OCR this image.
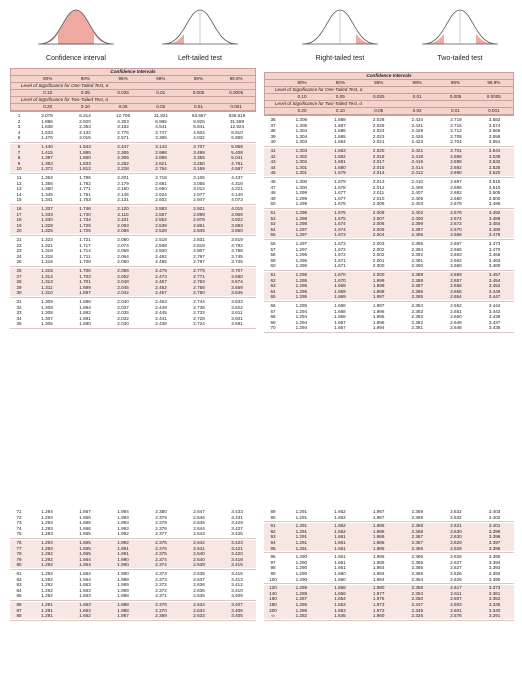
Confidence interval	Left-tailed test	Right-tailed test	Two-tailed test
Confidence Intervals
80%	90%	95%	98%	99%	99.9%
Level of Significance for One-Tailed Test, α
0.10	0.05	0.025	0.01	0.005	0.0005
Level of Significance for Two-Tailed Test, α
0.20	0.10	0.05	0.02	0.01	0.001
1	3.078	6.314	12.706	31.821	63.657	636.619
2	1.886	2.920	4.303	6.965	9.925	31.599
3	1.638	2.353	3.182	4.541	5.841	12.924
4	1.533	2.132	2.776	3.747	4.604	8.610
5	1.476	2.015	2.571	3.365	4.032	6.869
6	1.440	1.943	2.447	3.143	3.707	5.959
7	1.415	1.895	2.365	2.998	3.499	5.408
8	1.397	1.860	2.306	2.896	3.355	5.041
9	1.383	1.833	2.262	2.821	3.250	4.781
10	1.372	1.812	2.228	2.764	3.169	4.587
11	1.363	1.796	2.201	2.718	3.106	4.437
12	1.356	1.782	2.179	2.681	3.055	4.318
13	1.350	1.771	2.160	2.650	3.012	4.221
14	1.345	1.761	2.145	2.624	2.977	4.140
15	1.341	1.753	2.131	2.602	2.947	4.073
16	1.337	1.746	2.120	2.583	2.921	4.015
17	1.333	1.740	2.110	2.567	2.898	3.965
18	1.330	1.734	2.101	2.552	2.878	3.922
19	1.328	1.729	2.093	2.539	2.861	3.883
20	1.325	1.725	2.086	2.528	2.845	3.850
21	1.323	1.721	2.080	2.518	2.831	3.819
22	1.321	1.717	2.074	2.508	2.819	3.792
23	1.319	1.714	2.069	2.500	2.807	3.768
24	1.318	1.711	2.064	2.492	2.797	3.745
25	1.316	1.708	2.060	2.485	2.787	3.725
26	1.315	1.706	2.056	2.479	2.779	3.707
27	1.314	1.703	2.052	2.473	2.771	3.690
28	1.313	1.701	2.048	2.467	2.763	3.674
29	1.311	1.699	2.045	2.462	2.756	3.659
30	1.310	1.697	2.042	2.457	2.750	3.646
31	1.309	1.696	2.040	2.453	2.744	3.633
32	1.309	1.694	2.037	2.449	2.738	3.622
33	1.308	1.692	2.035	2.445	2.733	3.611
34	1.307	1.691	2.032	2.441	2.728	3.601
35	1.306	1.690	2.030	2.438	2.724	3.591
Confidence Intervals
80%	90%	95%	98%	99%	99.9%
Level of Significance for One-Tailed Test, α
0.10	0.05	0.025	0.01	0.005	0.0005
Level of Significance for Two-Tailed Test, α
0.20	0.10	0.05	0.02	0.01	0.001
36	1.306	1.688	2.028	2.434	2.719	3.582
37	1.305	1.687	2.026	2.431	2.715	3.574
38	1.304	1.686	2.024	2.429	2.712	3.566
39	1.304	1.685	2.023	2.426	2.708	3.558
40	1.303	1.684	2.021	2.423	2.704	3.551
41	1.303	1.683	2.020	2.421	2.701	3.544
42	1.302	1.682	2.018	2.418	2.698	3.538
43	1.302	1.681	2.017	2.416	2.695	3.532
44	1.301	1.680	2.015	2.414	2.692	3.526
45	1.301	1.679	2.014	2.412	2.690	3.520
46	1.300	1.679	2.013	2.410	2.687	3.515
47	1.300	1.678	2.012	2.408	2.685	3.510
48	1.299	1.677	2.011	2.407	2.682	3.505
49	1.299	1.677	2.010	2.405	2.680	3.500
50	1.299	1.676	2.009	2.403	2.678	3.496
51	1.298	1.675	2.008	2.402	2.676	3.492
52	1.298	1.675	2.007	2.400	2.674	3.488
53	1.298	1.674	2.006	2.399	2.672	3.484
54	1.297	1.674	2.005	2.397	2.670	3.480
55	1.297	1.673	2.004	2.396	2.668	3.476
56	1.297	1.673	2.003	2.395	2.667	3.473
57	1.297	1.672	2.002	2.394	2.665	3.470
58	1.296	1.672	2.002	2.392	2.663	3.466
59	1.296	1.671	2.001	2.391	2.662	3.463
60	1.296	1.671	2.000	2.390	2.660	3.460
61	1.296	1.670	2.000	2.389	2.659	3.457
62	1.295	1.670	1.999	2.388	2.657	3.454
63	1.295	1.669	1.998	2.387	2.656	3.452
64	1.295	1.669	1.998	2.386	2.655	3.449
65	1.295	1.669	1.997	2.385	2.654	3.447
66	1.295	1.668	1.997	2.384	2.652	3.444
67	1.294	1.668	1.996	2.383	2.651	3.442
68	1.294	1.668	1.995	2.382	2.650	3.439
69	1.294	1.667	1.995	2.382	2.649	3.437
70	1.294	1.667	1.994	2.381	2.648	3.435
71	1.294	1.667	1.994	2.380	2.647	3.433
72	1.293	1.666	1.993	2.379	2.646	3.431
73	1.293	1.666	1.993	2.379	2.645	3.429
74	1.293	1.666	1.993	2.378	2.644	3.427
75	1.293	1.665	1.992	2.377	2.643	3.425
76	1.293	1.665	1.992	2.376	2.642	3.423
77	1.293	1.665	1.991	2.376	2.641	3.421
78	1.292	1.665	1.991	2.375	2.640	3.420
79	1.292	1.664	1.990	2.374	2.640	3.418
80	1.292	1.664	1.990	2.374	2.639	3.416
81	1.292	1.664	1.990	2.373	2.638	3.415
82	1.292	1.664	1.989	2.373	2.637	3.413
83	1.292	1.663	1.989	2.372	2.636	3.412
84	1.292	1.663	1.989	2.372	2.636	3.410
85	1.292	1.663	1.988	2.371	2.635	3.409
86	1.291	1.663	1.988	2.370	2.634	3.407
87	1.291	1.663	1.988	2.370	2.634	3.406
88	1.291	1.662	1.987	2.369	2.633	3.405
89	1.291	1.662	1.987	2.369	2.632	3.403
90	1.291	1.662	1.987	2.368	2.632	3.402
91	1.291	1.662	1.986	2.368	2.631	3.401
92	1.291	1.662	1.986	2.368	2.630	3.399
93	1.291	1.661	1.986	2.367	2.630	3.398
94	1.291	1.661	1.986	2.367	2.629	3.397
95	1.291	1.661	1.985	2.366	2.629	3.396
96	1.290	1.661	1.985	2.366	2.628	3.395
97	1.290	1.661	1.985	2.365	2.627	3.394
98	1.290	1.661	1.984	2.365	2.627	3.393
99	1.290	1.660	1.984	2.365	2.626	3.392
100	1.290	1.660	1.984	2.364	2.626	3.390
120	1.289	1.658	1.980	2.358	2.617	3.373
140	1.288	1.656	1.977	2.353	2.611	3.361
160	1.287	1.654	1.975	2.350	2.607	3.352
180	1.286	1.653	1.973	2.347	2.603	3.345
200	1.286	1.653	1.972	2.345	2.601	3.340
∞	1.282	1.645	1.960	2.326	2.576	3.291
